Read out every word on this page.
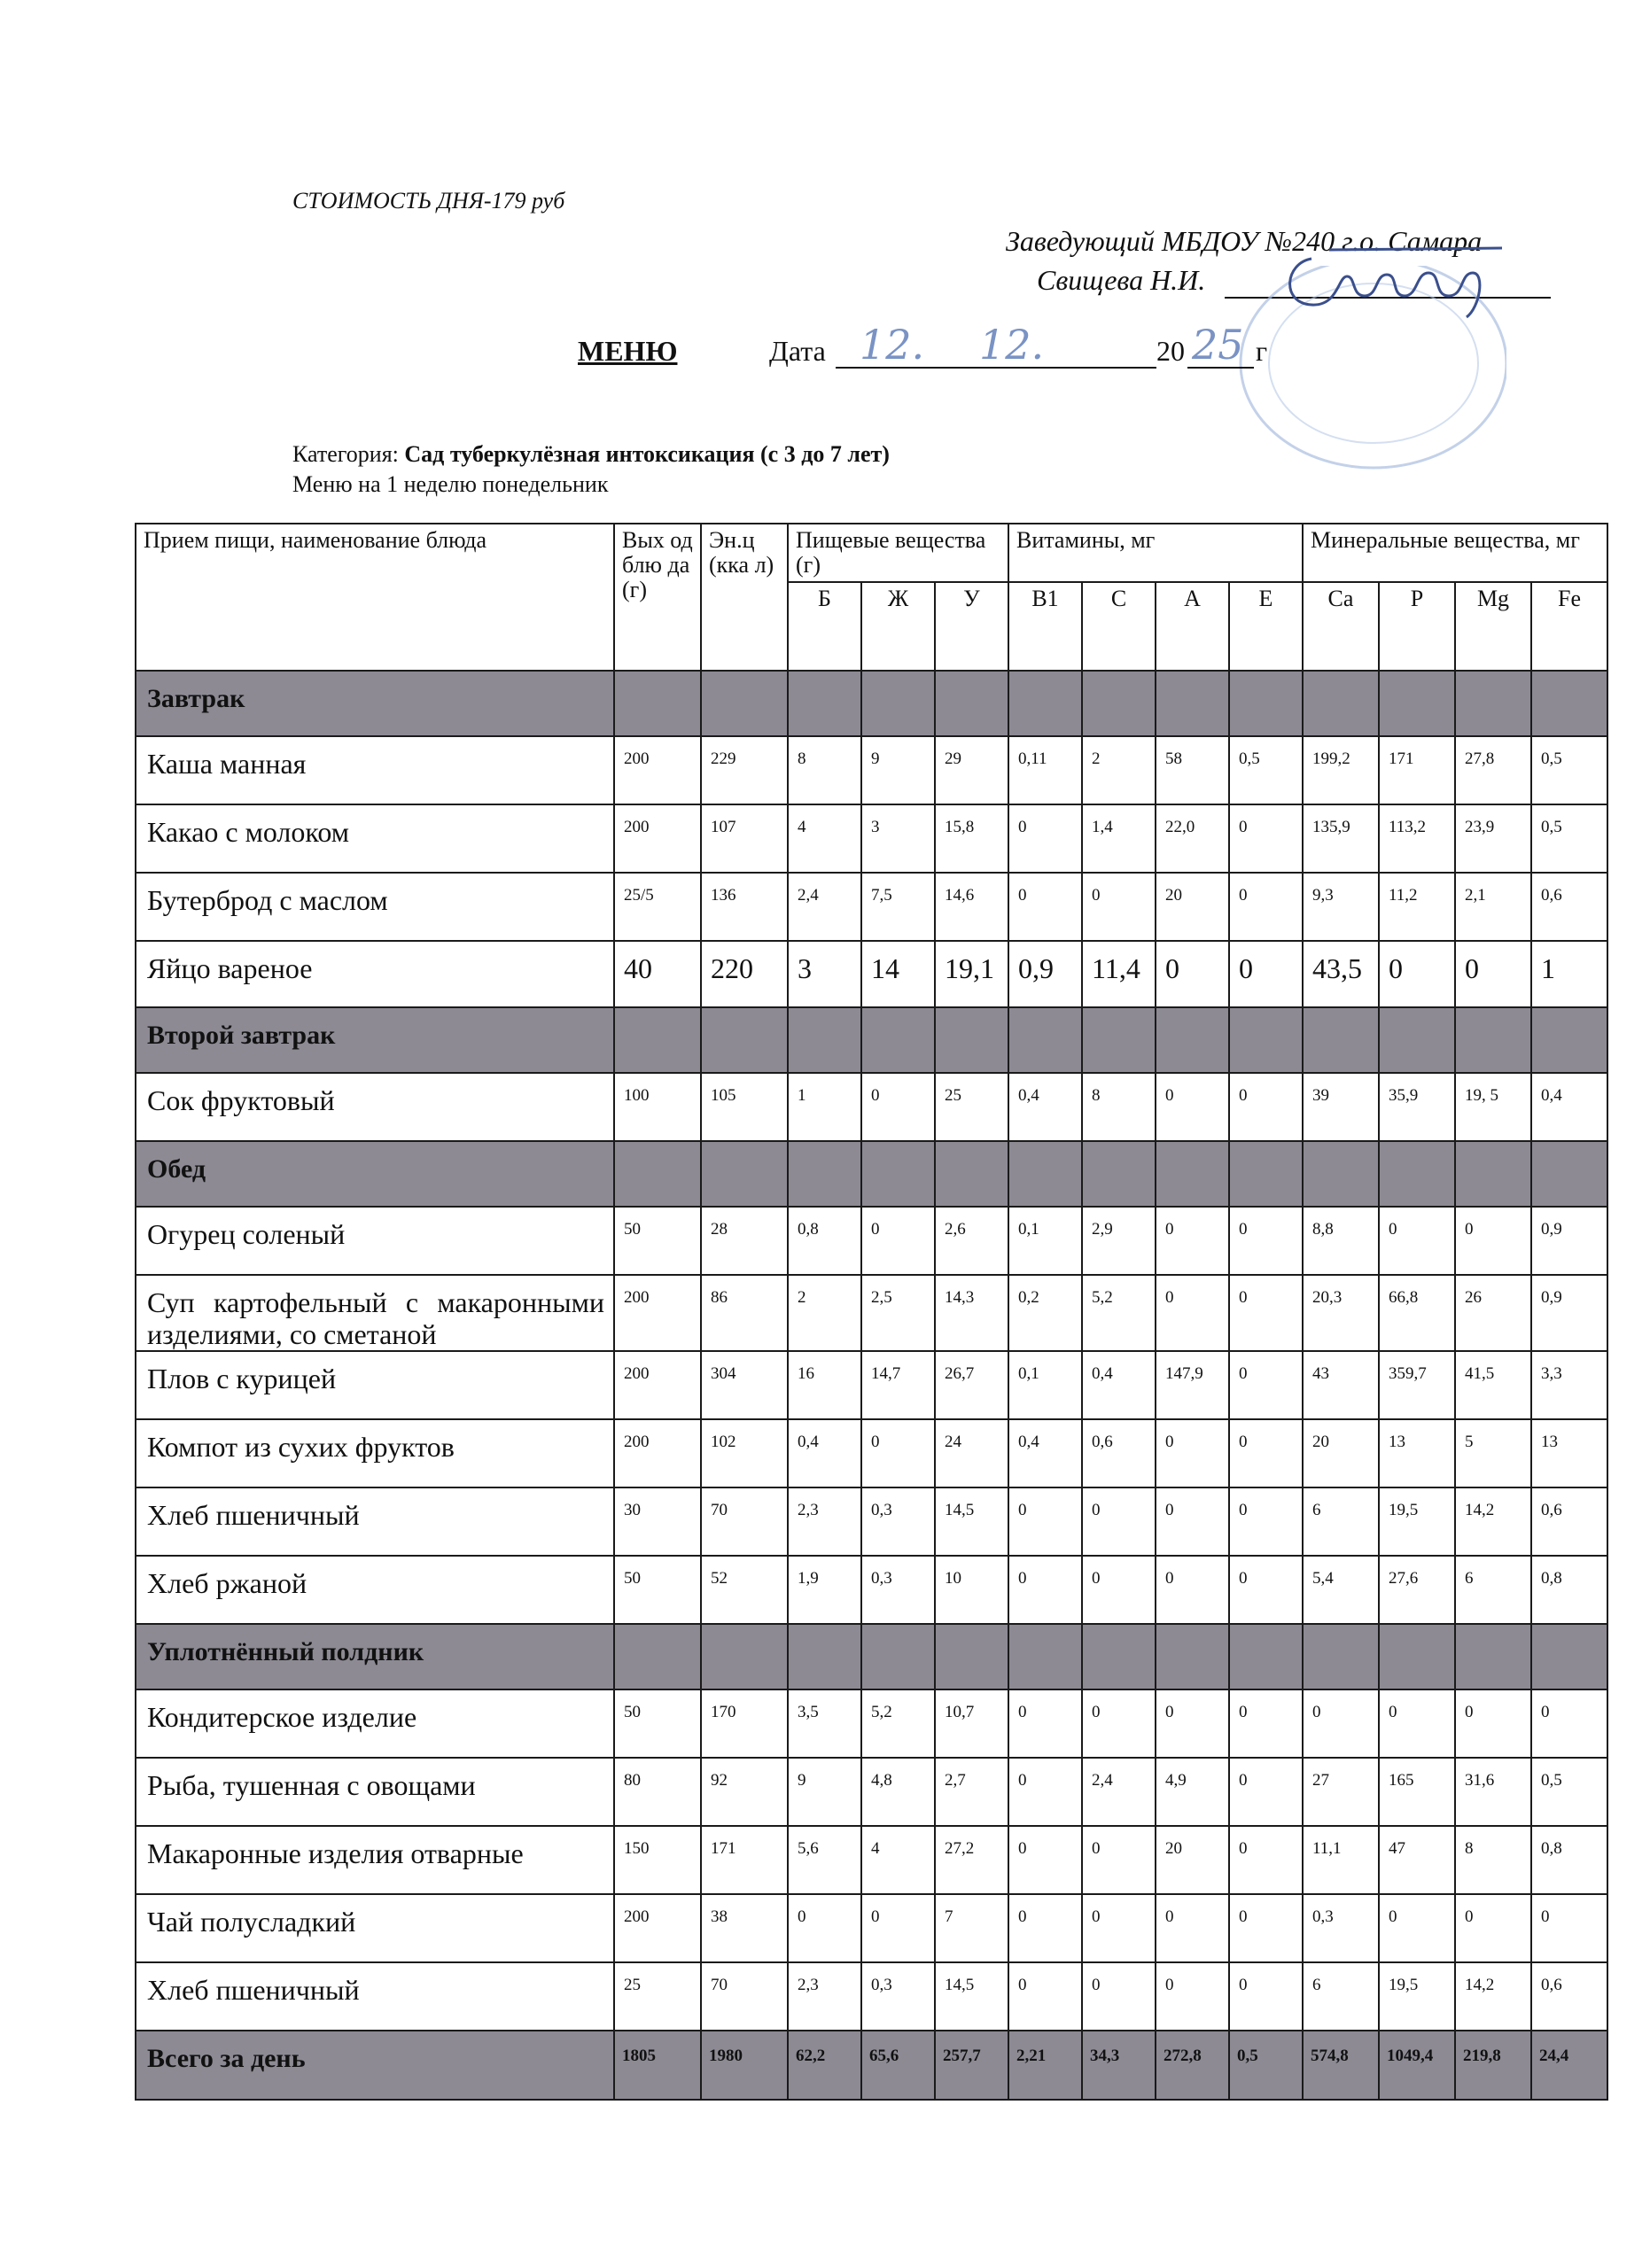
СТОИМОСТЬ ДНЯ-179 руб
Заведующий МБДОУ №240 г.о. Самара
Свищева Н.И.
МЕНЮ	Дата 12. 12.	20 25 г
Категория: Сад туберкулёзная интоксикация (с 3 до 7 лет)
Меню на 1 неделю понедельник
Прием пищи, наименование блюда	Вых од блю да (г)	Эн.ц (кка л)	Пищевые вещества (г)			Витамины, мг				Минеральные вещества, мг			
			Б	Ж	У	В1	С	А	Е	Са	Р	Mg	Fe
Завтрак													
Каша манная	200	229	8	9	29	0,11	2	58	0,5	199,2	171	27,8	0,5
Какао с молоком	200	107	4	3	15,8	0	1,4	22,0	0	135,9	113,2	23,9	0,5
Бутерброд с маслом	25/5	136	2,4	7,5	14,6	0	0	20	0	9,3	11,2	2,1	0,6
Яйцо вареное	40	220	3	14	19,1	0,9	11,4	0	0	43,5	0	0	1
Второй завтрак													
Сок фруктовый	100	105	1	0	25	0,4	8	0	0	39	35,9	19, 5	0,4
Обед													
Огурец соленый	50	28	0,8	0	2,6	0,1	2,9	0	0	8,8	0	0	0,9
Суп картофельный с макаронными изделиями, со сметаной	200	86	2	2,5	14,3	0,2	5,2	0	0	20,3	66,8	26	0,9
Плов с курицей	200	304	16	14,7	26,7	0,1	0,4	147,9	0	43	359,7	41,5	3,3
Компот из сухих фруктов	200	102	0,4	0	24	0,4	0,6	0	0	20	13	5	13
Хлеб пшеничный	30	70	2,3	0,3	14,5	0	0	0	0	6	19,5	14,2	0,6
Хлеб ржаной	50	52	1,9	0,3	10	0	0	0	0	5,4	27,6	6	0,8
Уплотнённый полдник													
Кондитерское изделие	50	170	3,5	5,2	10,7	0	0	0	0	0	0	0	0
Рыба, тушенная с овощами	80	92	9	4,8	2,7	0	2,4	4,9	0	27	165	31,6	0,5
Макаронные изделия отварные	150	171	5,6	4	27,2	0	0	20	0	11,1	47	8	0,8
Чай полусладкий	200	38	0	0	7	0	0	0	0	0,3	0	0	0
Хлеб пшеничный	25	70	2,3	0,3	14,5	0	0	0	0	6	19,5	14,2	0,6
Всего за день	1805	1980	62,2	65,6	257,7	2,21	34,3	272,8	0,5	574,8	1049,4	219,8	24,4
